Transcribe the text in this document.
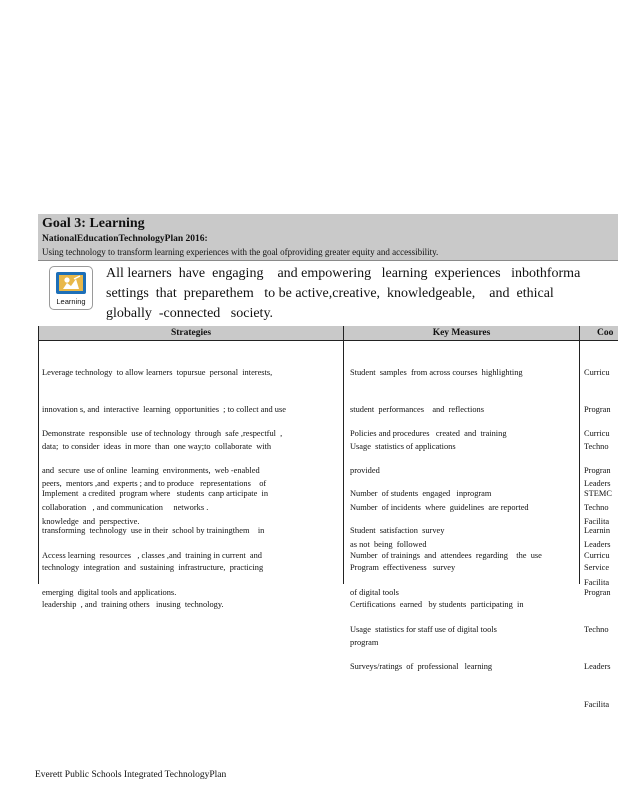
Goal 3: Learning
NationalEducationTechnologyPlan 2016:
Using technology to transform learning experiences with the goal ofproviding greater equity and accessibility.
Learning
All learners  have  engaging    and empowering   learning  experiences   inbothforma
settings  that  preparethem   to be active,creative,  knowledgeable,    and  ethical
globally  -connected   society.
Strategies	Key Measures	Coo

Leverage technology  to allow learners  topursue  personal  interests,

innovation s, and  interactive  learning  opportunities  ; to collect and use

data;  to consider  ideas  in more  than  one way;to  collaborate  with

peers,  mentors ,and  experts ; and to produce   representations    of

knowledge  and  perspective.

Student  samples  from across courses  highlighting

student  performances    and  reflections

Usage  statistics of applications

Curricu

Progran

Techno

Leaders

Facilita

Demonstrate  responsible  use of technology  through  safe ,respectful  ,

and  secure  use of online  learning  environments,  web -enabled

collaboration   , and communication     networks .

Policies and procedures   created  and  training

provided

Number  of incidents  where  guidelines  are reported

as not  being  followed

Curricu

Progran

Techno

Leaders

Facilita

Implement  a credited  program where   students  canp articipate  in

transforming  technology  use in their  school by trainingthem    in

technology  integration  and  sustaining  infrastructure,  practicing

leadership  , and  training others   inusing  technology.

Number  of students  engaged   inprogram

Student  satisfaction  survey

Program  effectiveness   survey

Certifications  earned   by students  participating  in

program

STEMC

Learnin

Service

Access learning  resources   , classes ,and  training in current  and

emerging  digital tools and applications.

Number  of trainings  and  attendees  regarding    the  use

of digital tools

Usage  statistics for staff use of digital tools

Surveys/ratings  of  professional   learning

Curricu

Progran

Techno

Leaders

Facilita

Everett Public Schools Integrated TechnologyPlan
